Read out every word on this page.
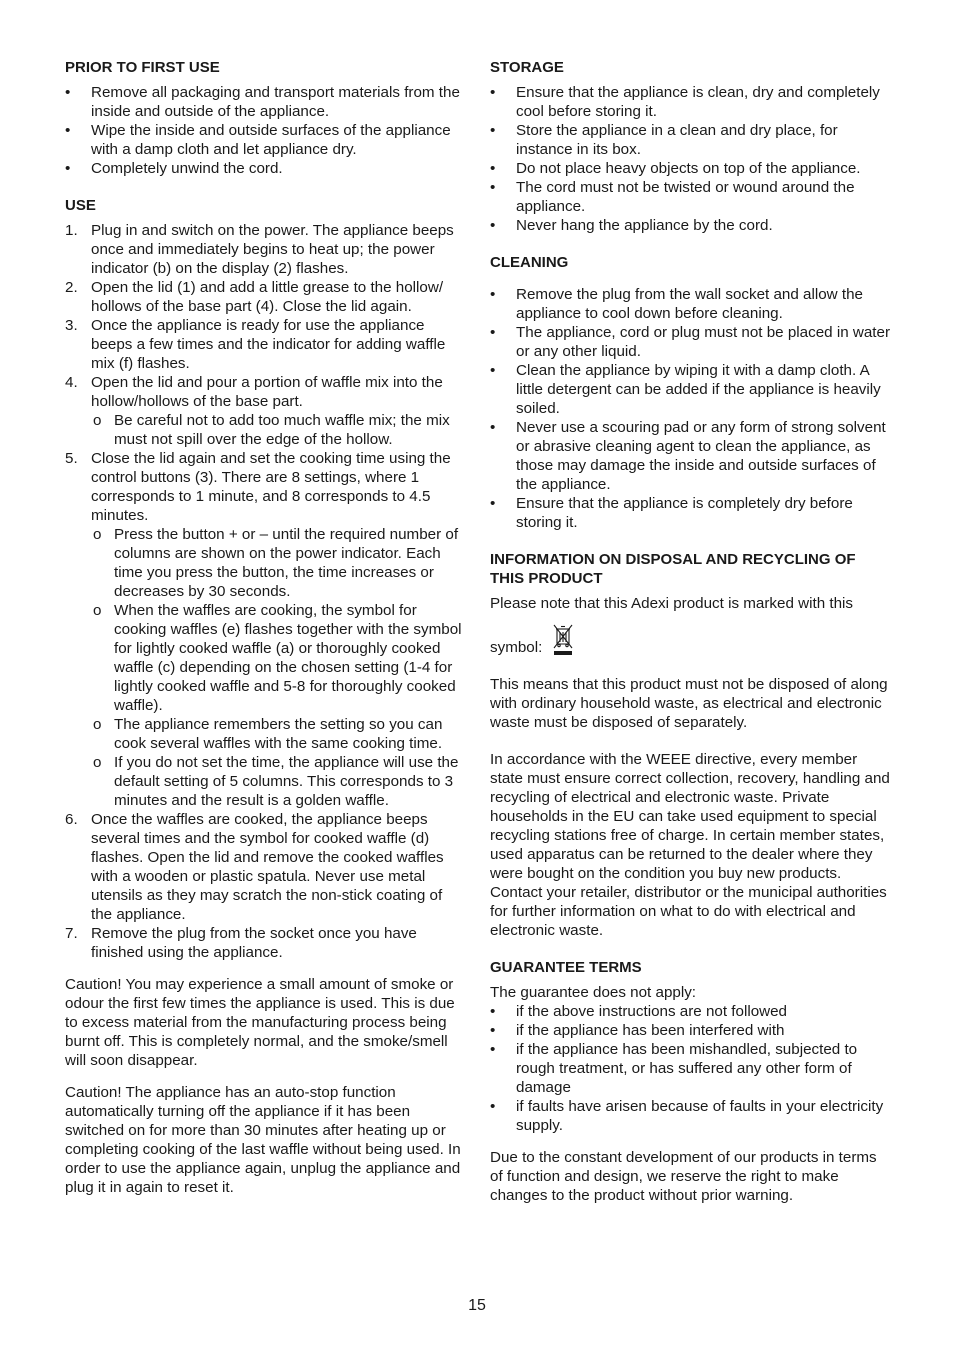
PRIOR TO FIRST USE
• Remove all packaging and transport materials from the inside and outside of the appliance.
• Wipe the inside and outside surfaces of the appliance with a damp cloth and let appliance dry.
• Completely unwind the cord.
USE
1. Plug in and switch on the power. The appliance beeps once and immediately begins to heat up; the power indicator (b) on the display (2) flashes.
2. Open the lid (1) and add a little grease to the hollow/ hollows of the base part (4). Close the lid again.
3. Once the appliance is ready for use the appliance beeps a few times and the indicator for adding waffle mix (f) flashes.
4. Open the lid and pour a portion of waffle mix into the hollow/hollows of the base part.
o Be careful not to add too much waffle mix; the mix must not spill over the edge of the hollow.
5. Close the lid again and set the cooking time using the control buttons (3). There are 8 settings, where 1 corresponds to 1 minute, and 8 corresponds to 4.5 minutes.
o Press the button + or – until the required number of columns are shown on the power indicator. Each time you press the button, the time increases or decreases by 30 seconds.
o When the waffles are cooking, the symbol for cooking waffles (e) flashes together with the symbol for lightly cooked waffle (a) or thoroughly cooked waffle (c) depending on the chosen setting (1-4 for lightly cooked waffle and 5-8 for thoroughly cooked waffle).
o The appliance remembers the setting so you can cook several waffles with the same cooking time.
o If you do not set the time, the appliance will use the default setting of 5 columns. This corresponds to 3 minutes and the result is a golden waffle.
6. Once the waffles are cooked, the appliance beeps several times and the symbol for cooked waffle (d) flashes. Open the lid and remove the cooked waffles with a wooden or plastic spatula. Never use metal utensils as they may scratch the non-stick coating of the appliance.
7. Remove the plug from the socket once you have finished using the appliance.

Caution! You may experience a small amount of smoke or odour the first few times the appliance is used. This is due to excess material from the manufacturing process being burnt off. This is completely normal, and the smoke/smell will soon disappear.

Caution! The appliance has an auto-stop function automatically turning off the appliance if it has been switched on for more than 30 minutes after heating up or completing cooking of the last waffle without being used. In order to use the appliance again, unplug the appliance and plug it in again to reset it.

STORAGE
• Ensure that the appliance is clean, dry and completely cool before storing it.
• Store the appliance in a clean and dry place, for instance in its box.
• Do not place heavy objects on top of the appliance.
• The cord must not be twisted or wound around the appliance.
• Never hang the appliance by the cord.
CLEANING
• Remove the plug from the wall socket and allow the appliance to cool down before cleaning.
• The appliance, cord or plug must not be placed in water or any other liquid.
• Clean the appliance by wiping it with a damp cloth. A little detergent can be added if the appliance is heavily soiled.
• Never use a scouring pad or any form of strong solvent or abrasive cleaning agent to clean the appliance, as those may damage the inside and outside surfaces of the appliance.
• Ensure that the appliance is completely dry before storing it.
INFORMATION ON DISPOSAL AND RECYCLING OF THIS PRODUCT

Please note that this Adexi product is marked with this

symbol:

This means that this product must not be disposed of along with ordinary household waste, as electrical and electronic waste must be disposed of separately.

In accordance with the WEEE directive, every member state must ensure correct collection, recovery, handling and recycling of electrical and electronic waste. Private households in the EU can take used equipment to special recycling stations free of charge. In certain member states, used apparatus can be returned to the dealer where they were bought on the condition you buy new products. Contact your retailer, distributor or the municipal authorities for further information on what to do with electrical and electronic waste.

GUARANTEE TERMS

The guarantee does not apply:

• if the above instructions are not followed
• if the appliance has been interfered with
• if the appliance has been mishandled, subjected to rough treatment, or has suffered any other form of damage
• if faults have arisen because of faults in your electricity supply.

Due to the constant development of our products in terms of function and design, we reserve the right to make changes to the product without prior warning.

15
